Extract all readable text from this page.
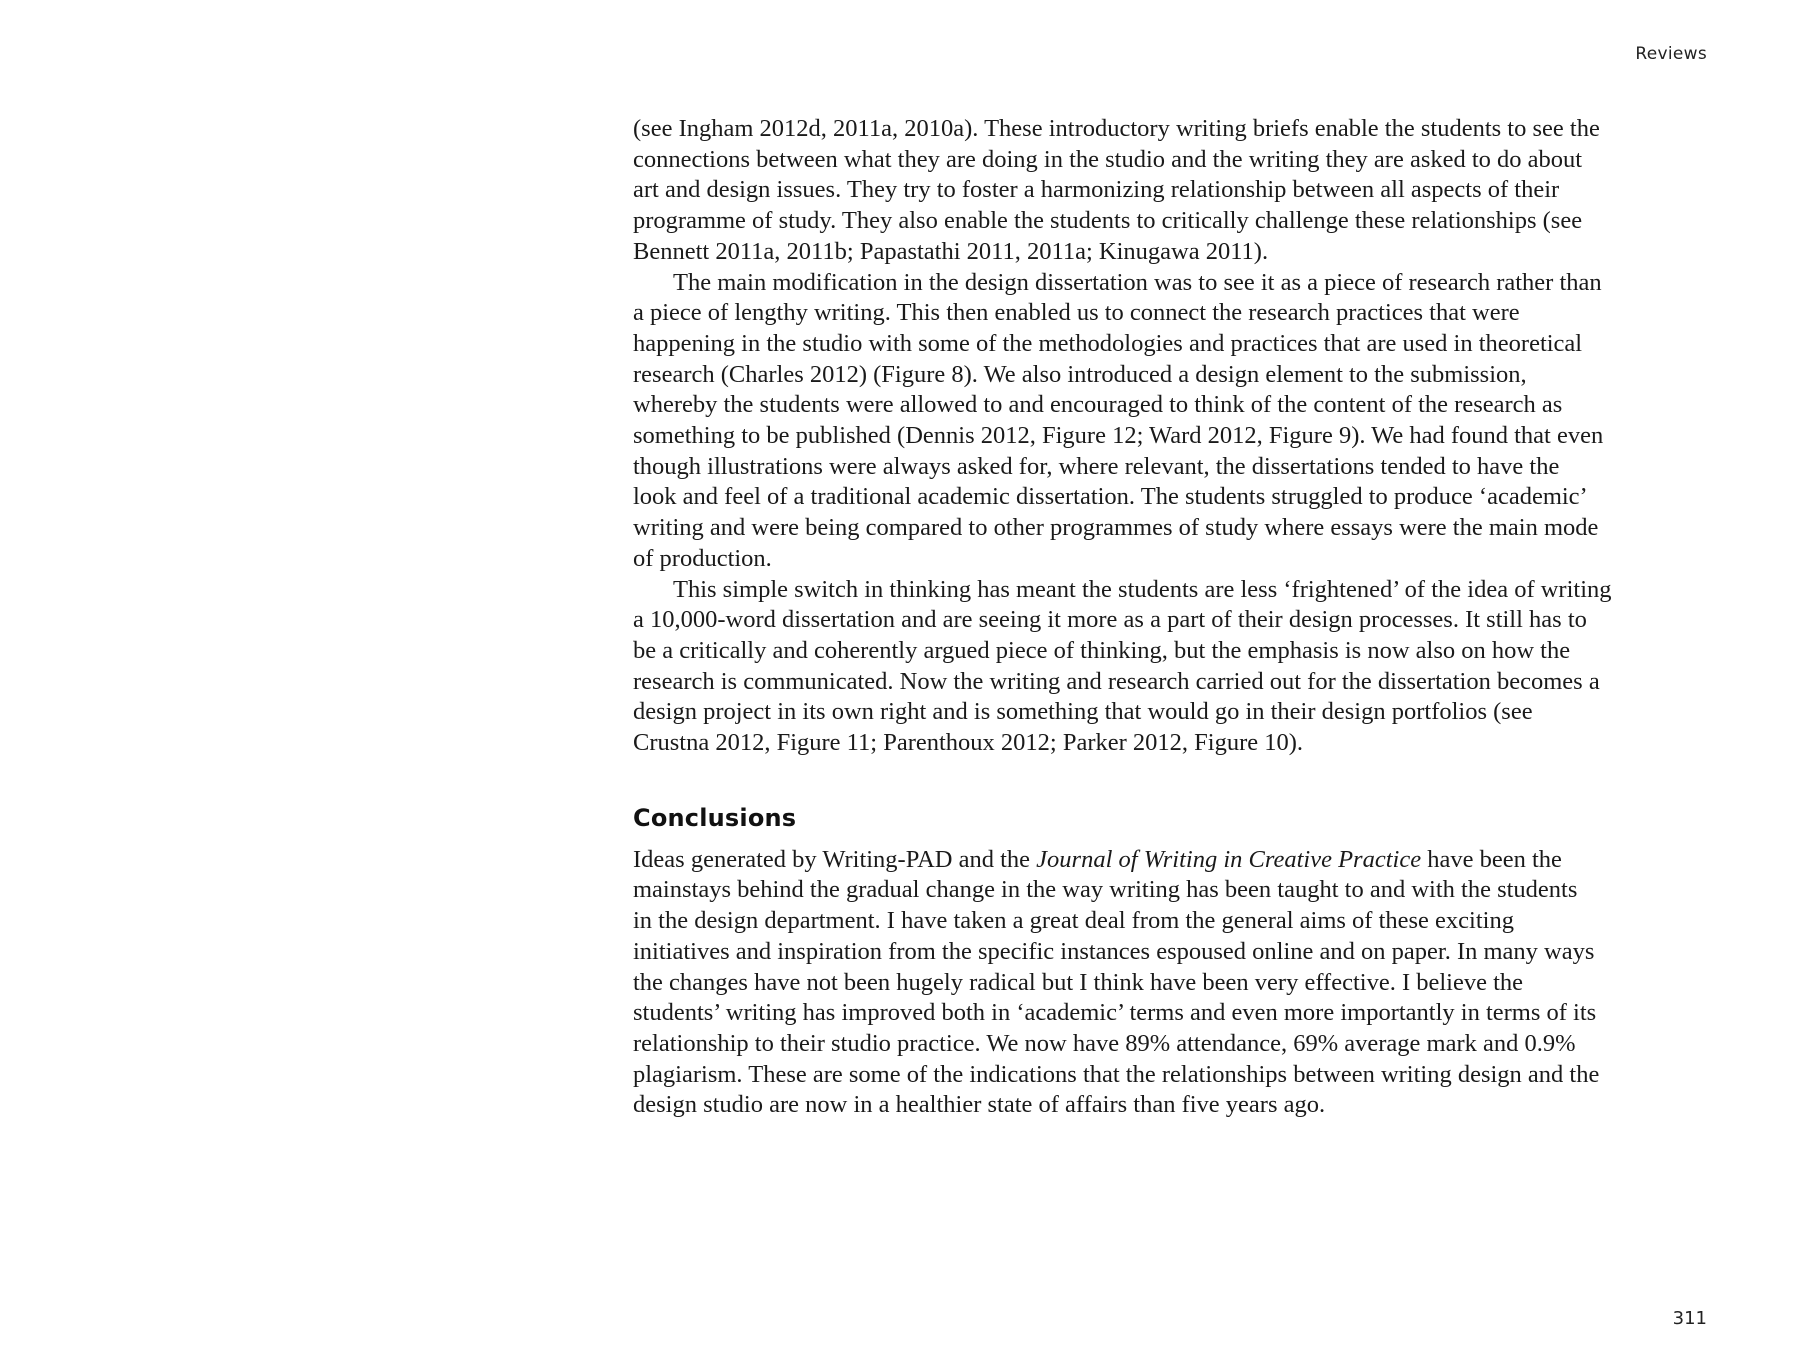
Reviews

(see Ingham 2012d, 2011a, 2010a). These introductory writing briefs enable the students to see the
connections between what they are doing in the studio and the writing they are asked to do about
art and design issues. They try to foster a harmonizing relationship between all aspects of their
programme of study. They also enable the students to critically challenge these relationships (see
Bennett 2011a, 2011b; Papastathi 2011, 2011a; Kinugawa 2011).

The main modification in the design dissertation was to see it as a piece of research rather than
a piece of lengthy writing. This then enabled us to connect the research practices that were
happening in the studio with some of the methodologies and practices that are used in theoretical
research (Charles 2012) (Figure 8). We also introduced a design element to the submission,
whereby the students were allowed to and encouraged to think of the content of the research as
something to be published (Dennis 2012, Figure 12; Ward 2012, Figure 9). We had found that even
though illustrations were always asked for, where relevant, the dissertations tended to have the
look and feel of a traditional academic dissertation. The students struggled to produce ‘academic’
writing and were being compared to other programmes of study where essays were the main mode
of production.

This simple switch in thinking has meant the students are less ‘frightened’ of the idea of writing
a 10,000-word dissertation and are seeing it more as a part of their design processes. It still has to
be a critically and coherently argued piece of thinking, but the emphasis is now also on how the
research is communicated. Now the writing and research carried out for the dissertation becomes a
design project in its own right and is something that would go in their design portfolios (see
Crustna 2012, Figure 11; Parenthoux 2012; Parker 2012, Figure 10).

Conclusions

Ideas generated by Writing-PAD and the Journal of Writing in Creative Practice have been the
mainstays behind the gradual change in the way writing has been taught to and with the students
in the design department. I have taken a great deal from the general aims of these exciting
initiatives and inspiration from the specific instances espoused online and on paper. In many ways
the changes have not been hugely radical but I think have been very effective. I believe the
students’ writing has improved both in ‘academic’ terms and even more importantly in terms of its
relationship to their studio practice. We now have 89% attendance, 69% average mark and 0.9%
plagiarism. These are some of the indications that the relationships between writing design and the
design studio are now in a healthier state of affairs than five years ago.

311
